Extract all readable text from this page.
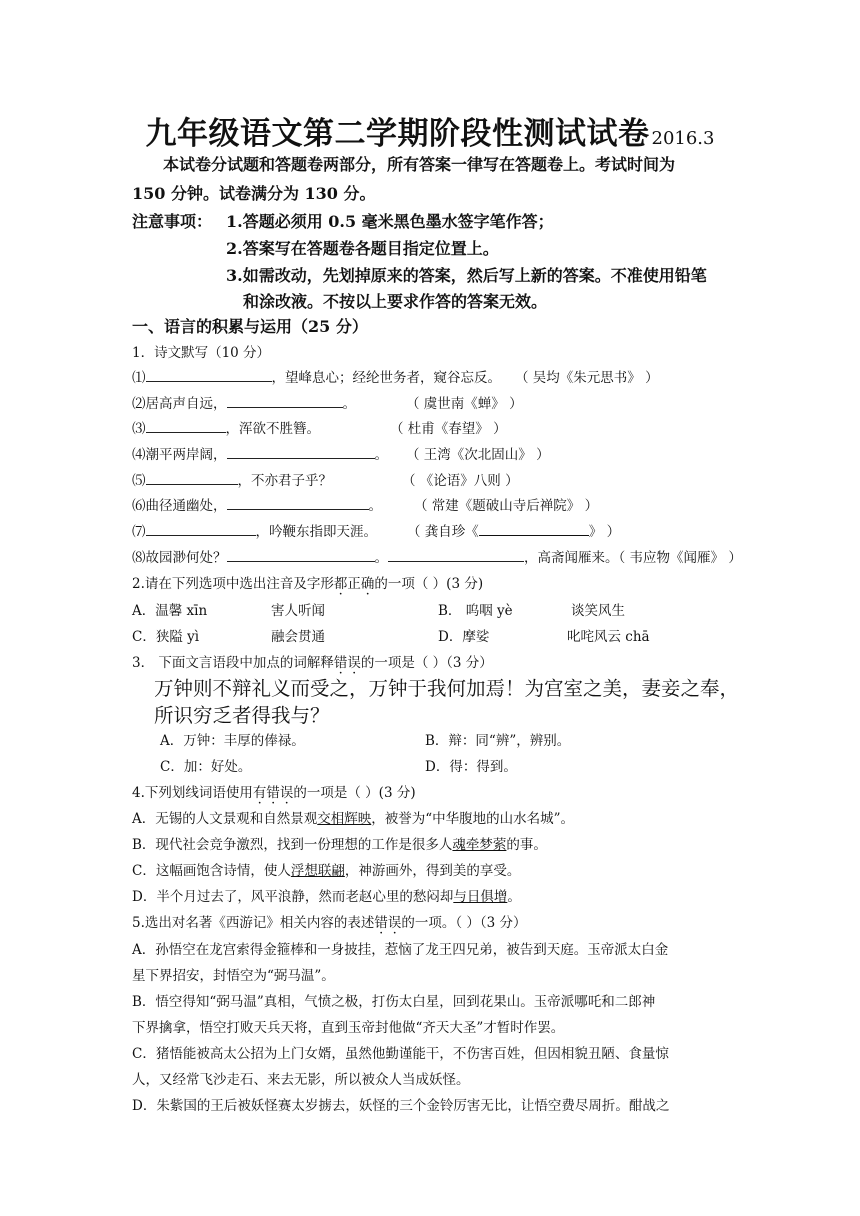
九年级语文第二学期阶段性测试试卷 2016.3
本试卷分试题和答题卷两部分，所有答案一律写在答题卷上。考试时间为
150 分钟。试卷满分为 130 分。
注意事项： 1.答题必须用 0.5 毫米黑色墨水签字笔作答；
2.答案写在答题卷各题目指定位置上。
3.如需改动，先划掉原来的答案，然后写上新的答案。不准使用铅笔
和涂改液。不按以上要求作答的答案无效。
一、语言的积累与运用（25 分）
1．诗文默写（10 分）
⑴	，望峰息心；经纶世务者，窥谷忘反。 （ 吴均《朱元思书》 ）
⑵居高声自远，	。	（ 虞世南《蝉》 ）
⑶	，浑欲不胜簪。	（ 杜甫《春望》 ）
⑷潮平两岸阔，	。 （ 王湾《次北固山》 ）
⑸	，不亦君子乎？	（ 《论语》八则 ）
⑹曲径通幽处，	。 （ 常建《题破山寺后禅院》 ）
⑺	，吟鞭东指即天涯。 （ 龚自珍《	》 ）
⑻故园渺何处？	。	，高斋闻雁来。（ 韦应物《闻雁》 ）
2.请在下列选项中选出注音及字形都正确的一项（ ）(3 分)
A．温馨 xīn	害人听闻	B． 呜咽 yè	谈笑风生
C．狭隘 yì	融会贯通	D．摩娑	叱咤风云 chā
3． 下面文言语段中加点的词解释错误的一项是（ ）（3 分）
万钟则不辩礼义而受之，万钟于我何加焉！为宫室之美，妻妾之奉，
所识穷乏者得我与？
A．万钟：丰厚的俸禄。	B．辩：同“辨”，辨别。
C．加：好处。	D．得：得到。
4.下列划线词语使用有错误的一项是（ ）(3 分)
A．无锡的人文景观和自然景观交相辉映，被誉为“中华腹地的山水名城”。
B．现代社会竞争激烈，找到一份理想的工作是很多人魂牵梦萦的事。
C．这幅画饱含诗情，使人浮想联翩，神游画外，得到美的享受。
D．半个月过去了，风平浪静，然而老赵心里的愁闷却与日俱增。
5.选出对名著《西游记》相关内容的表述错误的一项。（ ）（3 分）
A．孙悟空在龙宫索得金箍棒和一身披挂，惹恼了龙王四兄弟，被告到天庭。玉帝派太白金
星下界招安，封悟空为“弼马温”。
B．悟空得知“弼马温”真相，气愤之极，打伤太白星，回到花果山。玉帝派哪吒和二郎神
下界擒拿，悟空打败天兵天将，直到玉帝封他做“齐天大圣”才暂时作罢。
C．猪悟能被高太公招为上门女婿，虽然他勤谨能干，不伤害百姓，但因相貌丑陋、食量惊
人，又经常飞沙走石、来去无影，所以被众人当成妖怪。
D．朱紫国的王后被妖怪赛太岁掳去，妖怪的三个金铃厉害无比，让悟空费尽周折。酣战之
